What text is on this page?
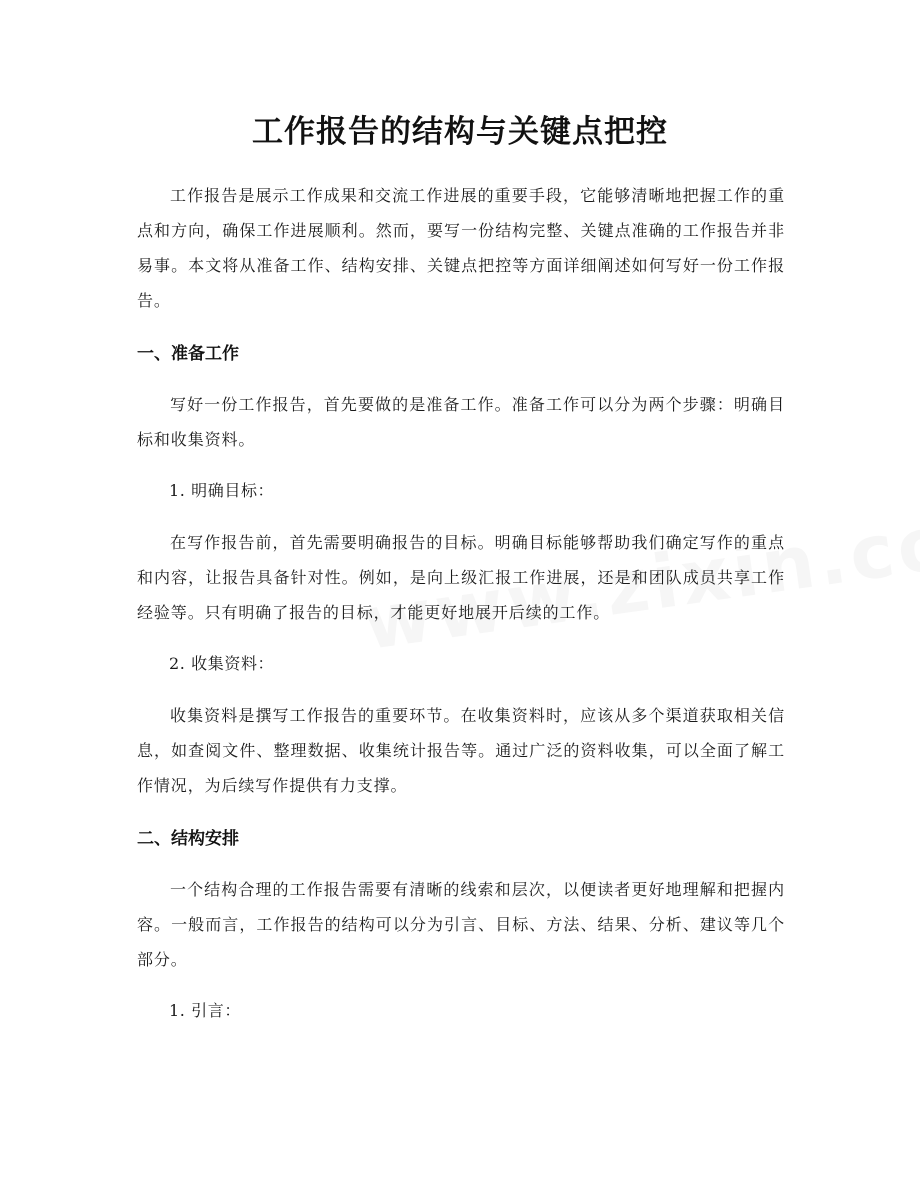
工作报告的结构与关键点把控

工作报告是展示工作成果和交流工作进展的重要手段，它能够清晰地把握工作的重点和方向，确保工作进展顺利。然而，要写一份结构完整、关键点准确的工作报告并非易事。本文将从准备工作、结构安排、关键点把控等方面详细阐述如何写好一份工作报告。

一、准备工作

写好一份工作报告，首先要做的是准备工作。准备工作可以分为两个步骤：明确目标和收集资料。

1. 明确目标：

在写作报告前，首先需要明确报告的目标。明确目标能够帮助我们确定写作的重点和内容，让报告具备针对性。例如，是向上级汇报工作进展，还是和团队成员共享工作经验等。只有明确了报告的目标，才能更好地展开后续的工作。

2. 收集资料：

收集资料是撰写工作报告的重要环节。在收集资料时，应该从多个渠道获取相关信息，如查阅文件、整理数据、收集统计报告等。通过广泛的资料收集，可以全面了解工作情况，为后续写作提供有力支撑。

二、结构安排

一个结构合理的工作报告需要有清晰的线索和层次，以便读者更好地理解和把握内容。一般而言，工作报告的结构可以分为引言、目标、方法、结果、分析、建议等几个部分。

1. 引言：
